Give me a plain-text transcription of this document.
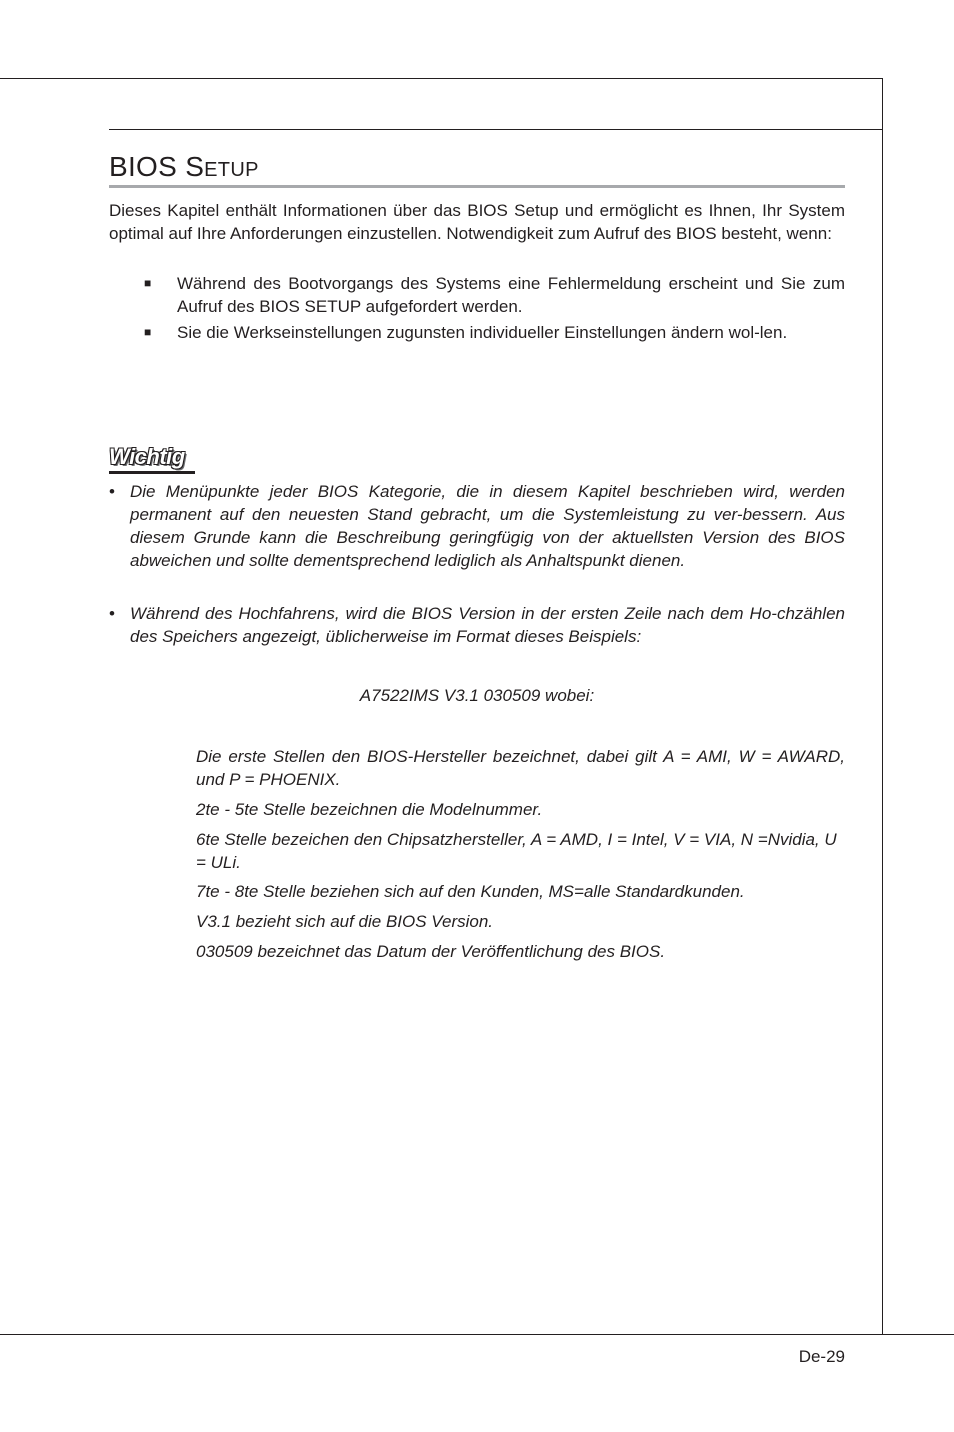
BIOS Setup
Dieses Kapitel enthält Informationen über das BIOS Setup und ermöglicht es Ihnen, Ihr System optimal auf Ihre Anforderungen einzustellen. Notwendigkeit zum Aufruf des BIOS besteht, wenn:
■ Während des Bootvorgangs des Systems eine Fehlermeldung erscheint und Sie zum Aufruf des BIOS SETUP aufgefordert werden.
■ Sie die Werkseinstellungen zugunsten individueller Einstellungen ändern wol-len.
Wichtig
• Die Menüpunkte jeder BIOS Kategorie, die in diesem Kapitel beschrieben wird, werden permanent auf den neuesten Stand gebracht, um die Systemleistung zu ver-bessern. Aus diesem Grunde kann die Beschreibung geringfügig von der aktuellsten Version des BIOS abweichen und sollte dementsprechend lediglich als Anhaltspunkt dienen.
• Während des Hochfahrens, wird die BIOS Version in der ersten Zeile nach dem Ho-chzählen des Speichers angezeigt, üblicherweise im Format dieses Beispiels:
A7522IMS V3.1 030509 wobei:
Die erste Stellen den BIOS-Hersteller bezeichnet, dabei gilt A = AMI, W = AWARD, und P = PHOENIX.
2te - 5te Stelle bezeichnen die Modelnummer.
6te Stelle bezeichen den Chipsatzhersteller, A = AMD, I = Intel, V = VIA, N =Nvidia, U = ULi.
7te - 8te Stelle beziehen sich auf den Kunden, MS=alle Standardkunden.
V3.1 bezieht sich auf die BIOS Version.
030509 bezeichnet das Datum der Veröffentlichung des BIOS.
De-29
